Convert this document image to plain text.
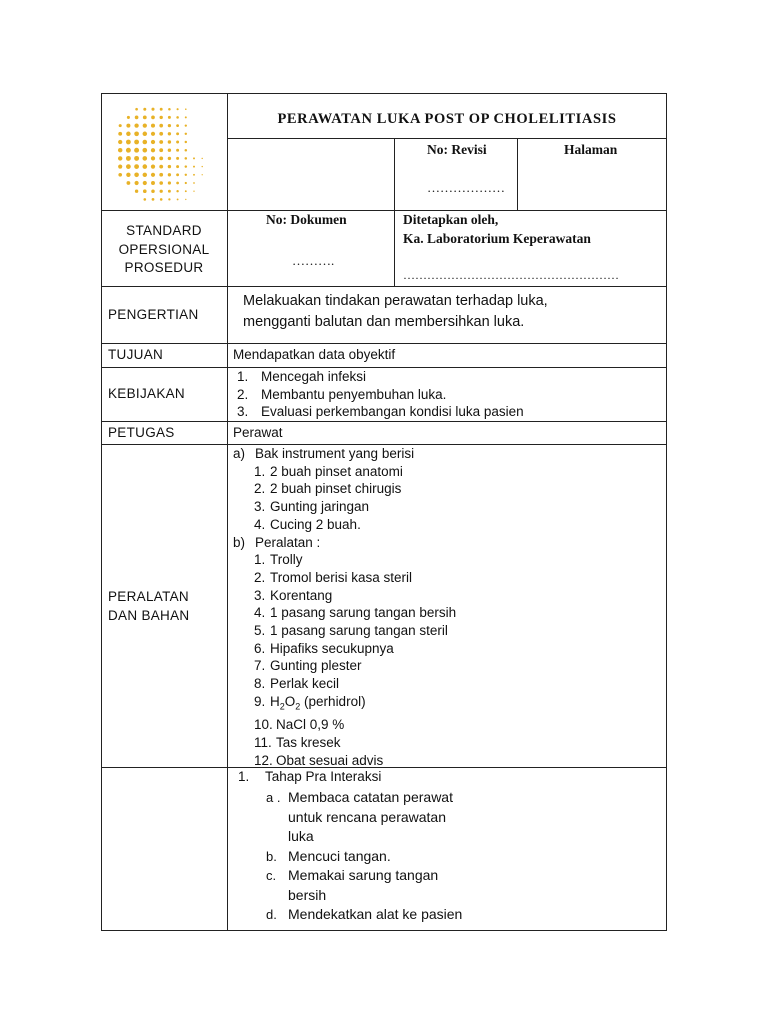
PERAWATAN LUKA POST OP CHOLELITIASIS
No: Revisi
………………
Halaman
STANDARD
OPERSIONAL
PROSEDUR
No: Dokumen
……….
Ditetapkan oleh,
Ka. Laboratorium Keperawatan
………………………………………………
PENGERTIAN
Melakuakan tindakan perawatan terhadap luka,
mengganti balutan dan membersihkan luka.
TUJUAN	Mendapatkan data obyektif
KEBIJAKAN
1. Mencegah infeksi
2. Membantu penyembuhan luka.
3. Evaluasi perkembangan kondisi luka pasien
PETUGAS	Perawat
PERALATAN
DAN BAHAN
a) Bak instrument yang berisi
1. 2 buah pinset anatomi
2. 2 buah pinset chirugis
3. Gunting jaringan
4. Cucing 2 buah.
b) Peralatan :
1. Trolly
2. Tromol berisi kasa steril
3. Korentang
4. 1 pasang sarung tangan bersih
5. 1 pasang sarung tangan steril
6. Hipafiks secukupnya
7. Gunting plester
8. Perlak kecil
9. $H_2O_2$ (perhidrol)
10. NaCl 0,9 %
11. Tas kresek
12. Obat sesuai advis
1. Tahap Pra Interaksi
a . Membaca catatan perawat
untuk rencana perawatan
luka
b. Mencuci tangan.
c. Memakai sarung tangan
bersih
d. Mendekatkan alat ke pasien
